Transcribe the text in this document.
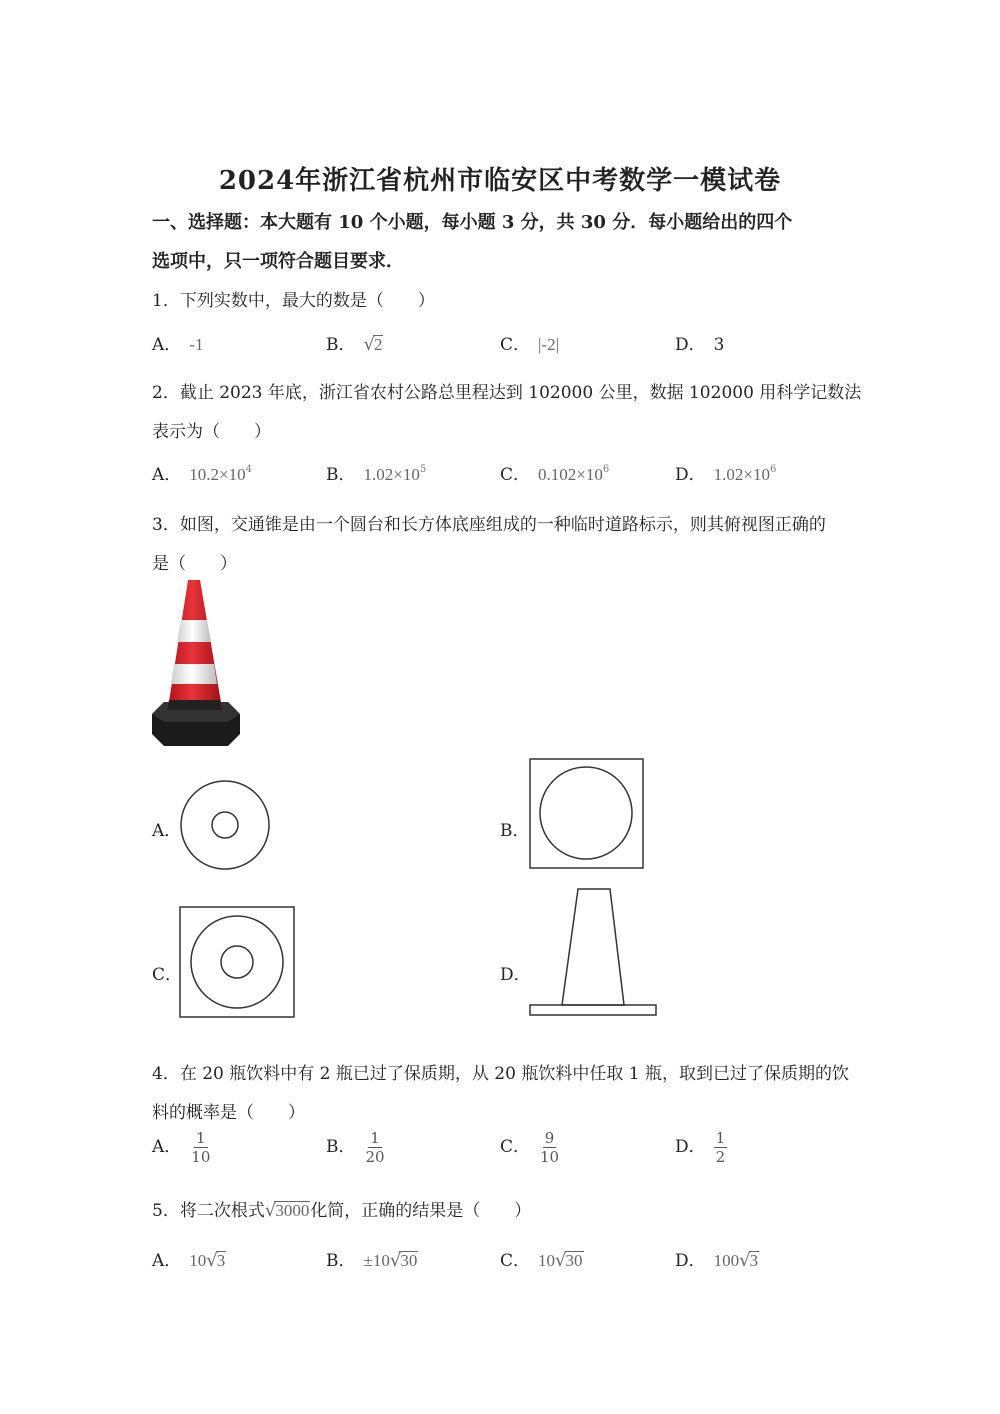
2024年浙江省杭州市临安区中考数学一模试卷
一、选择题：本大题有 10 个小题，每小题 3 分，共 30 分．每小题给出的四个
选项中，只一项符合题目要求．
1．下列实数中，最大的数是（　　）
A． -1	B． √2	C． |-2|	D． 3
2．截止 2023 年底，浙江省农村公路总里程达到 102000 公里，数据 102000 用科学记数法
表示为（　　）
A． $10.2\times 10^4$	B． $1.02\times 10^5$	C． $0.102\times 10^6$	D． $1.02\times 10^6$
3．如图，交通锥是由一个圆台和长方体底座组成的一种临时道路标示，则其俯视图正确的
是（　　）
A．	B．
C．	D．
4．在 20 瓶饮料中有 2 瓶已过了保质期，从 20 瓶饮料中任取 1 瓶，取到已过了保质期的饮
料的概率是（　　）
A． $\frac{1}{10}$	B． $\frac{1}{20}$	C． $\frac{9}{10}$	D． $\frac{1}{2}$
5．将二次根式√3000化简，正确的结果是（　　）
A． 10√3	B． ±10√30	C． 10√30	D． 100√3
